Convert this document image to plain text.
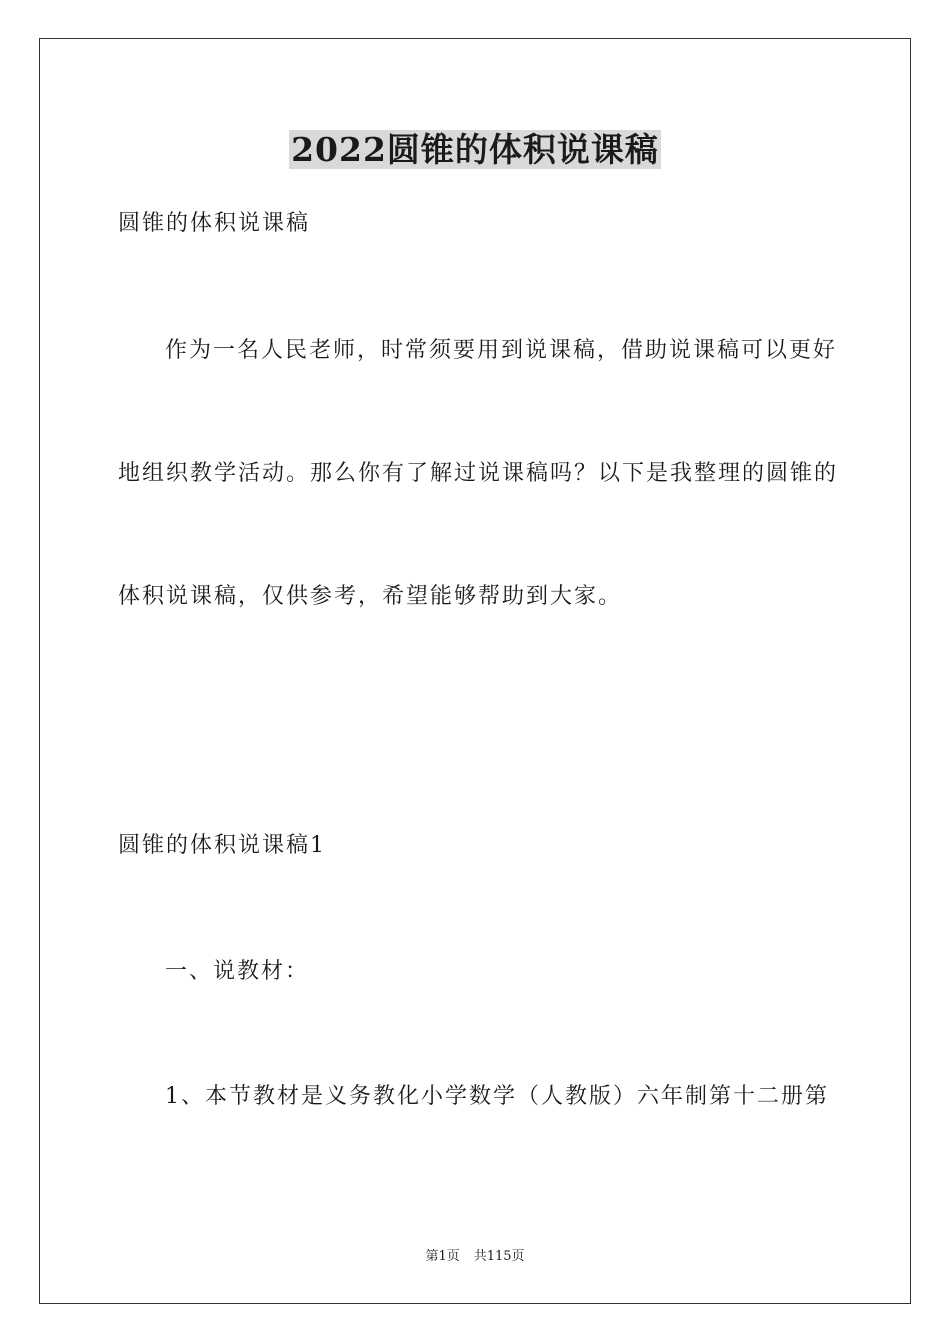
2022圆锥的体积说课稿
圆锥的体积说课稿
作为一名人民老师，时常须要用到说课稿，借助说课稿可以更好
地组织教学活动。那么你有了解过说课稿吗？以下是我整理的圆锥的
体积说课稿，仅供参考，希望能够帮助到大家。
圆锥的体积说课稿1
一、说教材：
1、本节教材是义务教化小学数学（人教版）六年制第十二册第
第1页 共115页
